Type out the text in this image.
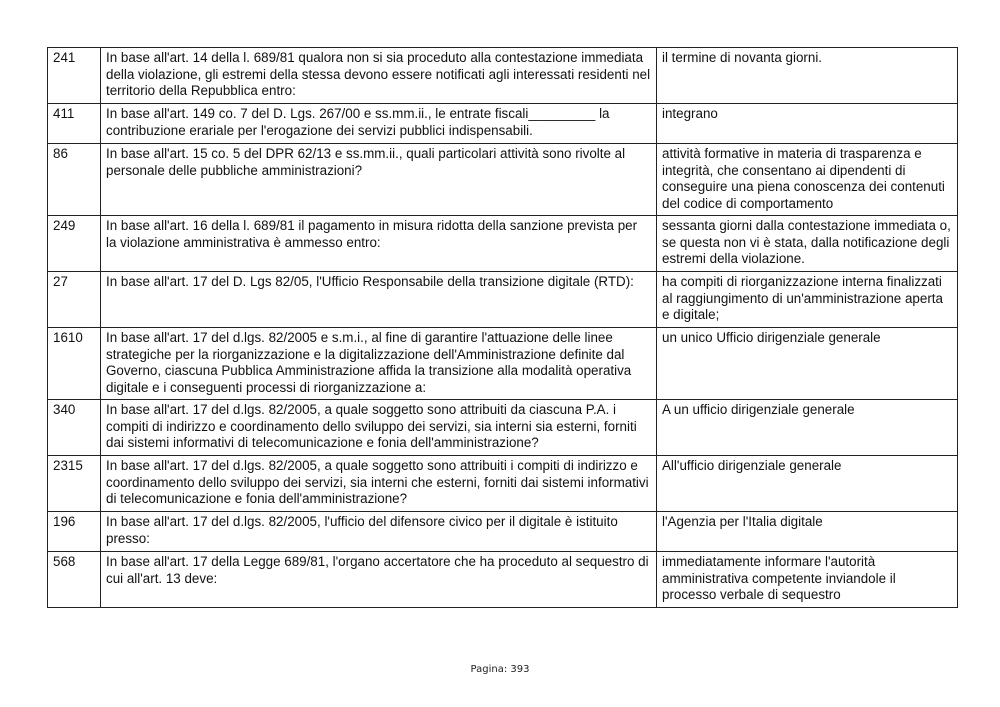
241	In base all'art. 14 della l. 689/81 qualora non si sia proceduto alla contestazione immediata della violazione, gli estremi della stessa devono essere notificati agli interessati residenti nel territorio della Repubblica entro:	il termine di novanta giorni.
411	In base all'art. 149 co. 7 del D. Lgs. 267/00 e ss.mm.ii., le entrate fiscali_________ la contribuzione erariale per l'erogazione dei servizi pubblici indispensabili.	integrano
86	In base all'art. 15 co. 5 del DPR 62/13 e ss.mm.ii., quali particolari attività sono rivolte al personale delle pubbliche amministrazioni?	attività formative in materia di trasparenza e integrità, che consentano ai dipendenti di conseguire una piena conoscenza dei contenuti del codice di comportamento
249	In base all'art. 16 della l. 689/81 il pagamento in misura ridotta della sanzione prevista per la violazione amministrativa è ammesso entro:	sessanta giorni dalla contestazione immediata o, se questa non vi è stata, dalla notificazione degli estremi della violazione.
27	In base all'art. 17 del D. Lgs 82/05, l'Ufficio Responsabile della transizione digitale (RTD):	ha compiti di riorganizzazione interna finalizzati al raggiungimento di un'amministrazione aperta e digitale;
1610	In base all'art. 17 del d.lgs. 82/2005 e s.m.i., al fine di garantire l'attuazione delle linee strategiche per la riorganizzazione e la digitalizzazione dell'Amministrazione definite dal Governo, ciascuna Pubblica Amministrazione affida la transizione alla modalità operativa digitale e i conseguenti processi di riorganizzazione a:	un unico Ufficio dirigenziale generale
340	In base all'art. 17 del d.lgs. 82/2005, a quale soggetto sono attribuiti da ciascuna P.A. i compiti di indirizzo e coordinamento dello sviluppo dei servizi, sia interni sia esterni, forniti dai sistemi informativi di telecomunicazione e fonia dell'amministrazione?	A un ufficio dirigenziale generale
2315	In base all'art. 17 del d.lgs. 82/2005, a quale soggetto sono attribuiti i compiti di indirizzo e coordinamento dello sviluppo dei servizi, sia interni che esterni, forniti dai sistemi informativi di telecomunicazione e fonia dell'amministrazione?	All'ufficio dirigenziale generale
196	In base all'art. 17 del d.lgs. 82/2005, l'ufficio del difensore civico per il digitale è istituito presso:	l'Agenzia per l'Italia digitale
568	In base all'art. 17 della Legge 689/81, l'organo accertatore che ha proceduto al sequestro di cui all'art. 13 deve:	immediatamente informare l'autorità amministrativa competente inviandole il processo verbale di sequestro
Pagina: 393
